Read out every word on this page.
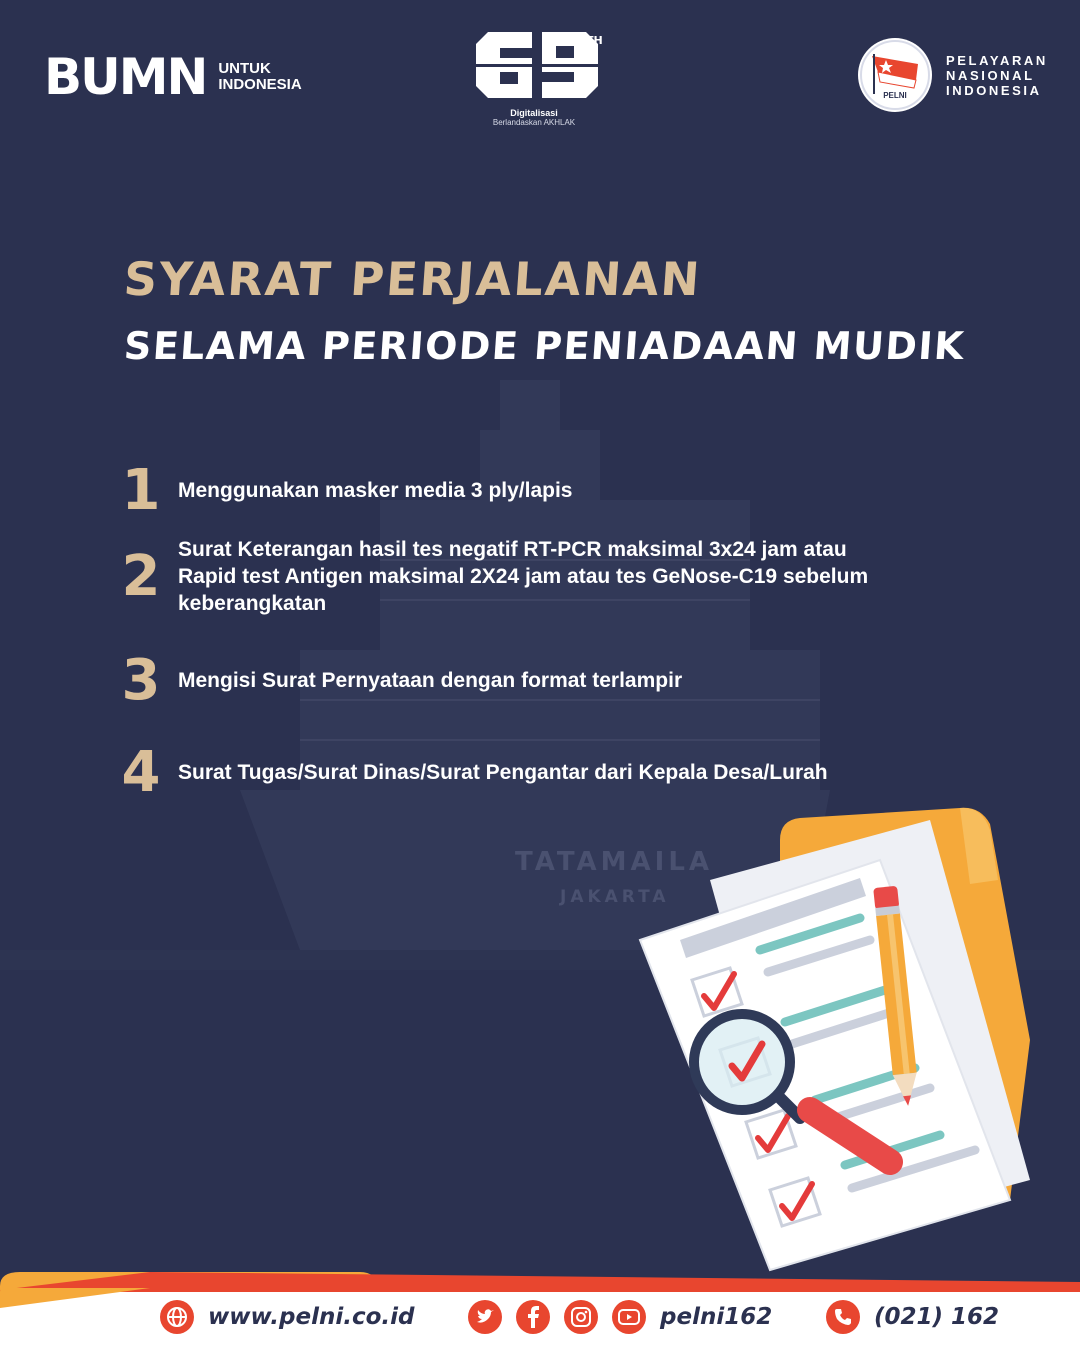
TATAMAILA
JAKARTA
BUMN UNTUK
INDONESIA
TH
Digitalisasi
Berlandaskan AKHLAK
PELNI
PELAYARAN
NASIONAL
INDONESIA
SYARAT PERJALANAN
SELAMA PERIODE PENIADAAN MUDIK
1 Menggunakan masker media 3 ply/lapis
2 Surat Keterangan hasil tes negatif RT-PCR maksimal 3x24 jam atau
Rapid test Antigen maksimal 2X24 jam atau tes GeNose-C19 sebelum
keberangkatan
3 Mengisi Surat Pernyataan dengan format terlampir
4 Surat Tugas/Surat Dinas/Surat Pengantar dari Kepala Desa/Lurah
www.pelni.co.id	pelni162	(021) 162
